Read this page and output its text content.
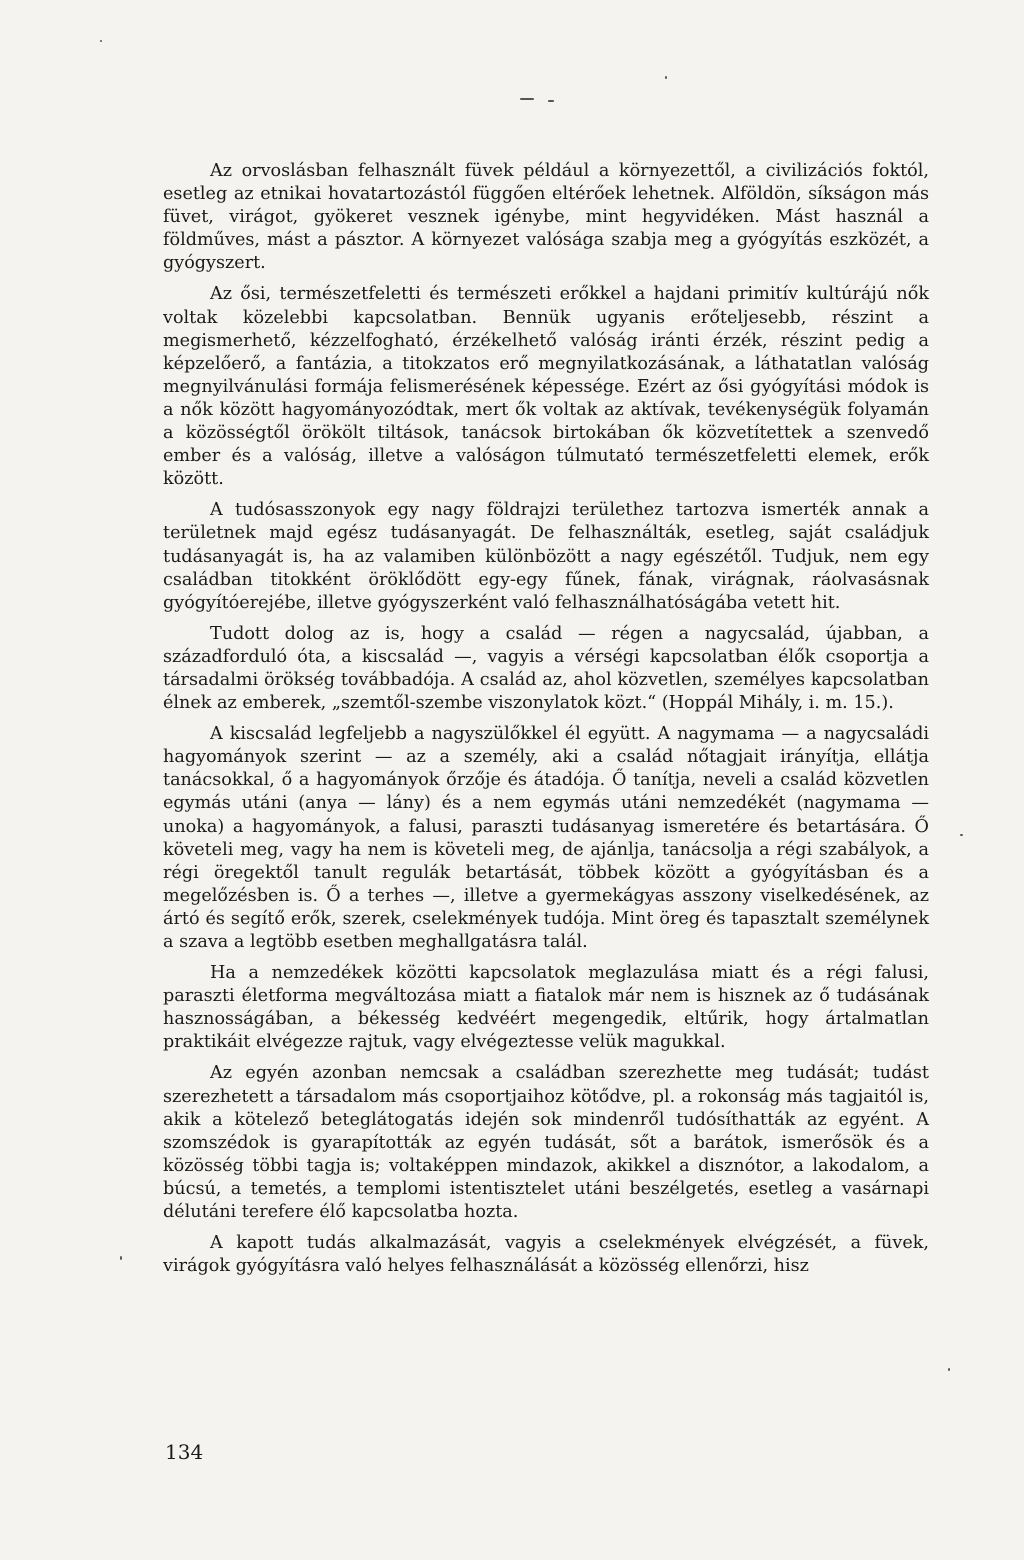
Az orvoslásban felhasznált füvek például a környezettől, a civilizációs foktól, esetleg az etnikai hovatartozástól függően eltérőek lehetnek. Alföldön, síkságon más füvet, virágot, gyökeret vesznek igénybe, mint hegyvidéken. Mást használ a földműves, mást a pásztor. A környezet valósága szabja meg a gyógyítás eszközét, a gyógyszert.

Az ősi, természetfeletti és természeti erőkkel a hajdani primitív kultúrájú nők voltak közelebbi kapcsolatban. Bennük ugyanis erőteljesebb, részint a megismerhető, kézzelfogható, érzékelhető valóság iránti érzék, részint pedig a képzelőerő, a fantázia, a titokzatos erő megnyilatkozásának, a láthatatlan valóság megnyilvánulási formája felismerésének képessége. Ezért az ősi gyógyítási módok is a nők között hagyományozódtak, mert ők voltak az aktívak, tevékenységük folyamán a közösségtől örökölt tiltások, tanácsok birtokában ők közvetítettek a szenvedő ember és a valóság, illetve a valóságon túlmutató természetfeletti elemek, erők között.

A tudósasszonyok egy nagy földrajzi területhez tartozva ismerték annak a területnek majd egész tudásanyagát. De felhasználták, esetleg, saját családjuk tudásanyagát is, ha az valamiben különbözött a nagy egészétől. Tudjuk, nem egy családban titokként öröklődött egy-egy fűnek, fának, virágnak, ráolvasásnak gyógyítóerejébe, illetve gyógyszerként való felhasználhatóságába vetett hit.

Tudott dolog az is, hogy a család — régen a nagycsalád, újabban, a századforduló óta, a kiscsalád —, vagyis a vérségi kapcsolatban élők csoportja a társadalmi örökség továbbadója. A család az, ahol közvetlen, személyes kapcsolatban élnek az emberek, „szemtől-szembe viszonylatok közt.“ (Hoppál Mihály, i. m. 15.).

A kiscsalád legfeljebb a nagyszülőkkel él együtt. A nagymama — a nagycsaládi hagyományok szerint — az a személy, aki a család nőtagjait irányítja, ellátja tanácsokkal, ő a hagyományok őrzője és átadója. Ő tanítja, neveli a család közvetlen egymás utáni (anya — lány) és a nem egymás utáni nemzedékét (nagymama — unoka) a hagyományok, a falusi, paraszti tudásanyag ismeretére és betartására. Ő követeli meg, vagy ha nem is követeli meg, de ajánlja, tanácsolja a régi szabályok, a régi öregektől tanult regulák betartását, többek között a gyógyításban és a megelőzésben is. Ő a terhes —, illetve a gyermekágyas asszony viselkedésének, az ártó és segítő erők, szerek, cselekmények tudója. Mint öreg és tapasztalt személynek a szava a legtöbb esetben meghallgatásra talál.

Ha a nemzedékek közötti kapcsolatok meglazulása miatt és a régi falusi, paraszti életforma megváltozása miatt a fiatalok már nem is hisznek az ő tudásának hasznosságában, a békesség kedvéért megengedik, eltűrik, hogy ártalmatlan praktikáit elvégezze rajtuk, vagy elvégeztesse velük magukkal.

Az egyén azonban nemcsak a családban szerezhette meg tudását; tudást szerezhetett a társadalom más csoportjaihoz kötődve, pl. a rokonság más tagjaitól is, akik a kötelező beteglátogatás idején sok mindenről tudósíthatták az egyént. A szomszédok is gyarapították az egyén tudását, sőt a barátok, ismerősök és a közösség többi tagja is; voltaképpen mindazok, akikkel a disznótor, a lakodalom, a búcsú, a temetés, a templomi istentisztelet utáni beszélgetés, esetleg a vasárnapi délutáni terefere élő kapcsolatba hozta.

A kapott tudás alkalmazását, vagyis a cselekmények elvégzését, a füvek, virágok gyógyításra való helyes felhasználását a közösség ellenőrzi, hisz

134
